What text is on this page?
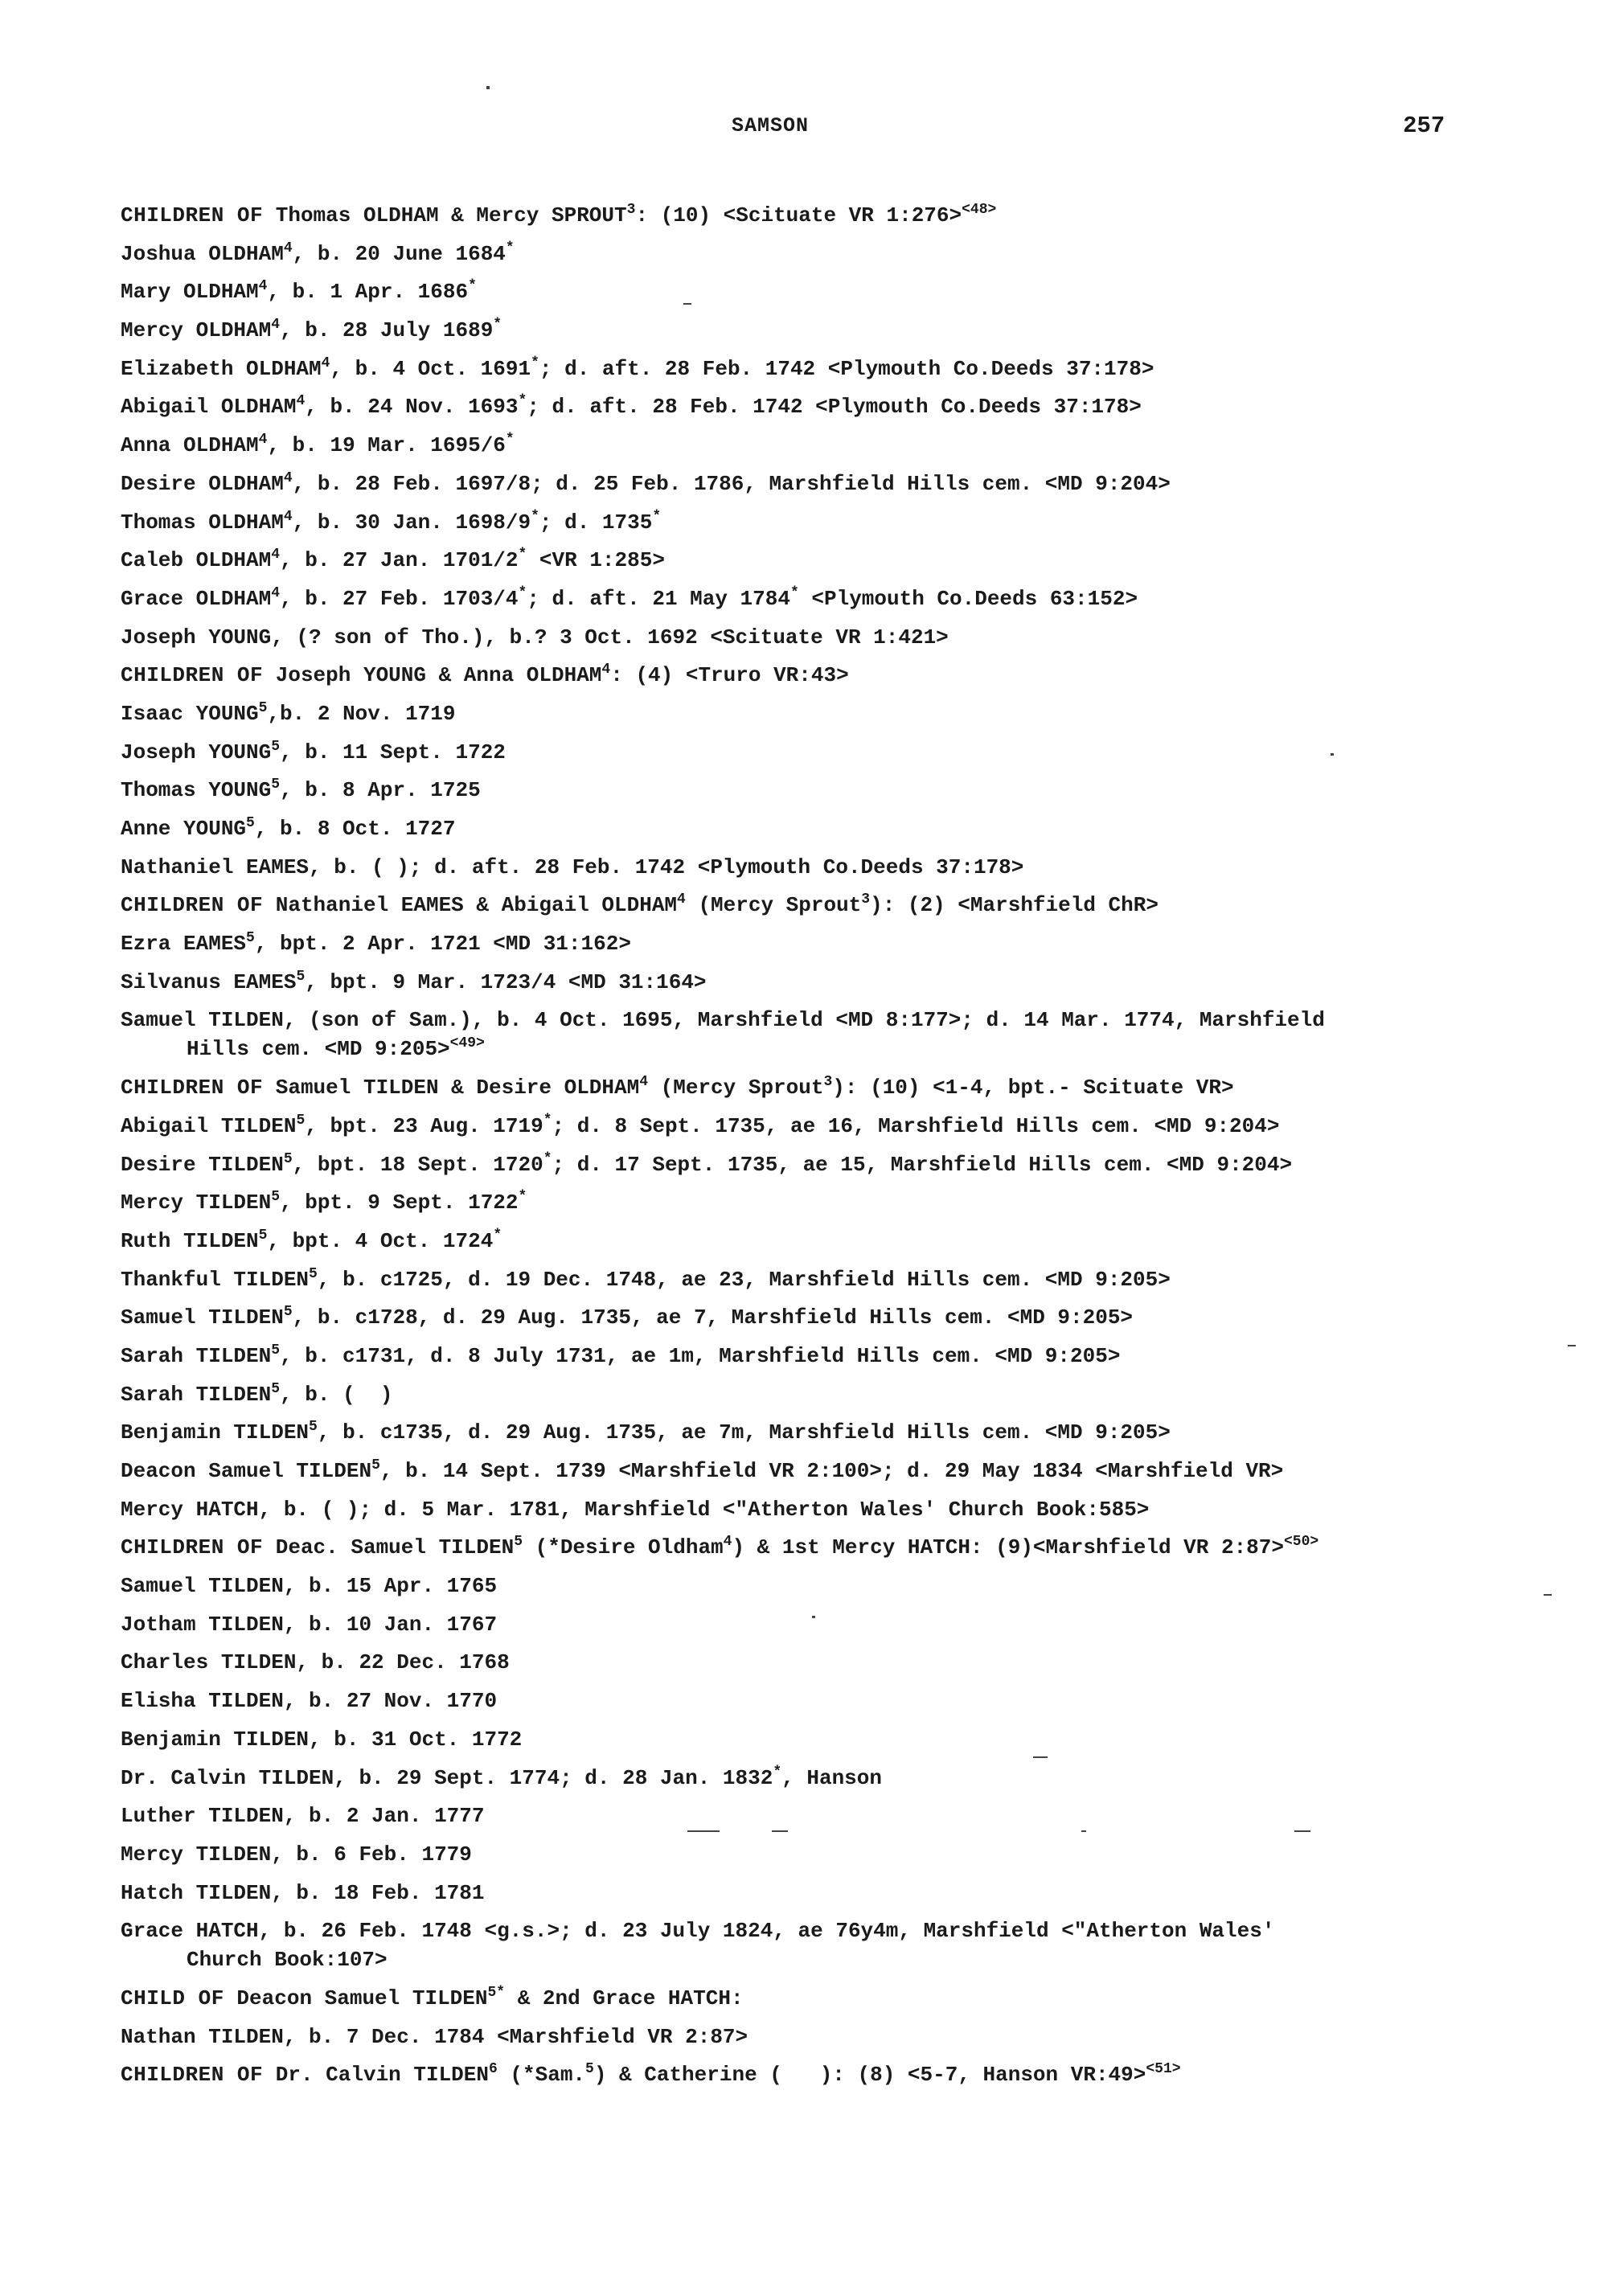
SAMSON	257
CHILDREN OF Thomas OLDHAM & Mercy SPROUT$^3$: (10) <Scituate VR 1:276>$^{<48>}$
Joshua OLDHAM$^4$, b. 20 June 1684*
Mary OLDHAM$^4$, b. 1 Apr. 1686*
Mercy OLDHAM$^4$, b. 28 July 1689*
Elizabeth OLDHAM$^4$, b. 4 Oct. 1691*; d. aft. 28 Feb. 1742 <Plymouth Co.Deeds 37:178>
Abigail OLDHAM$^4$, b. 24 Nov. 1693*; d. aft. 28 Feb. 1742 <Plymouth Co.Deeds 37:178>
Anna OLDHAM$^4$, b. 19 Mar. 1695/6*
Desire OLDHAM$^4$, b. 28 Feb. 1697/8; d. 25 Feb. 1786, Marshfield Hills cem. <MD 9:204>
Thomas OLDHAM$^4$, b. 30 Jan. 1698/9*; d. 1735*
Caleb OLDHAM$^4$, b. 27 Jan. 1701/2* <VR 1:285>
Grace OLDHAM$^4$, b. 27 Feb. 1703/4*; d. aft. 21 May 1784* <Plymouth Co.Deeds 63:152>
Joseph YOUNG, (? son of Tho.), b.? 3 Oct. 1692 <Scituate VR 1:421>
CHILDREN OF Joseph YOUNG & Anna OLDHAM$^4$: (4) <Truro VR:43>
Isaac YOUNG$^5$,b. 2 Nov. 1719
Joseph YOUNG$^5$, b. 11 Sept. 1722
Thomas YOUNG$^5$, b. 8 Apr. 1725
Anne YOUNG$^5$, b. 8 Oct. 1727
Nathaniel EAMES, b. ( ); d. aft. 28 Feb. 1742 <Plymouth Co.Deeds 37:178>
CHILDREN OF Nathaniel EAMES & Abigail OLDHAM$^4$ (Mercy Sprout$^3$): (2) <Marshfield ChR>
Ezra EAMES$^5$, bpt. 2 Apr. 1721 <MD 31:162>
Silvanus EAMES$^5$, bpt. 9 Mar. 1723/4 <MD 31:164>
Samuel TILDEN, (son of Sam.), b. 4 Oct. 1695, Marshfield <MD 8:177>; d. 14 Mar. 1774, Marshfield
Hills cem. <MD 9:205>$^{<49>}$
CHILDREN OF Samuel TILDEN & Desire OLDHAM$^4$ (Mercy Sprout$^3$): (10) <1-4, bpt.- Scituate VR>
Abigail TILDEN$^5$, bpt. 23 Aug. 1719*; d. 8 Sept. 1735, ae 16, Marshfield Hills cem. <MD 9:204>
Desire TILDEN$^5$, bpt. 18 Sept. 1720*; d. 17 Sept. 1735, ae 15, Marshfield Hills cem. <MD 9:204>
Mercy TILDEN$^5$, bpt. 9 Sept. 1722*
Ruth TILDEN$^5$, bpt. 4 Oct. 1724*
Thankful TILDEN$^5$, b. c1725, d. 19 Dec. 1748, ae 23, Marshfield Hills cem. <MD 9:205>
Samuel TILDEN$^5$, b. c1728, d. 29 Aug. 1735, ae 7, Marshfield Hills cem. <MD 9:205>
Sarah TILDEN$^5$, b. c1731, d. 8 July 1731, ae 1m, Marshfield Hills cem. <MD 9:205>
Sarah TILDEN$^5$, b. (  )
Benjamin TILDEN$^5$, b. c1735, d. 29 Aug. 1735, ae 7m, Marshfield Hills cem. <MD 9:205>
Deacon Samuel TILDEN$^5$, b. 14 Sept. 1739 <Marshfield VR 2:100>; d. 29 May 1834 <Marshfield VR>
Mercy HATCH, b. ( ); d. 5 Mar. 1781, Marshfield <"Atherton Wales' Church Book:585>
CHILDREN OF Deac. Samuel TILDEN$^5$ (*Desire Oldham$^4$) & 1st Mercy HATCH: (9)<Marshfield VR 2:87>$^{<50>}$
Samuel TILDEN, b. 15 Apr. 1765
Jotham TILDEN, b. 10 Jan. 1767
Charles TILDEN, b. 22 Dec. 1768
Elisha TILDEN, b. 27 Nov. 1770
Benjamin TILDEN, b. 31 Oct. 1772
Dr. Calvin TILDEN, b. 29 Sept. 1774; d. 28 Jan. 1832*, Hanson
Luther TILDEN, b. 2 Jan. 1777
Mercy TILDEN, b. 6 Feb. 1779
Hatch TILDEN, b. 18 Feb. 1781
Grace HATCH, b. 26 Feb. 1748 <g.s.>; d. 23 July 1824, ae 76y4m, Marshfield <"Atherton Wales'
Church Book:107>
CHILD OF Deacon Samuel $TILDEN^{5*}$ & 2nd Grace HATCH:
Nathan TILDEN, b. 7 Dec. 1784 <Marshfield VR 2:87>
CHILDREN OF Dr. Calvin TILDEN$^6$ (*Sam.$^5$) & Catherine (   ): (8) <5-7, Hanson VR:49>$^{<51>}$
